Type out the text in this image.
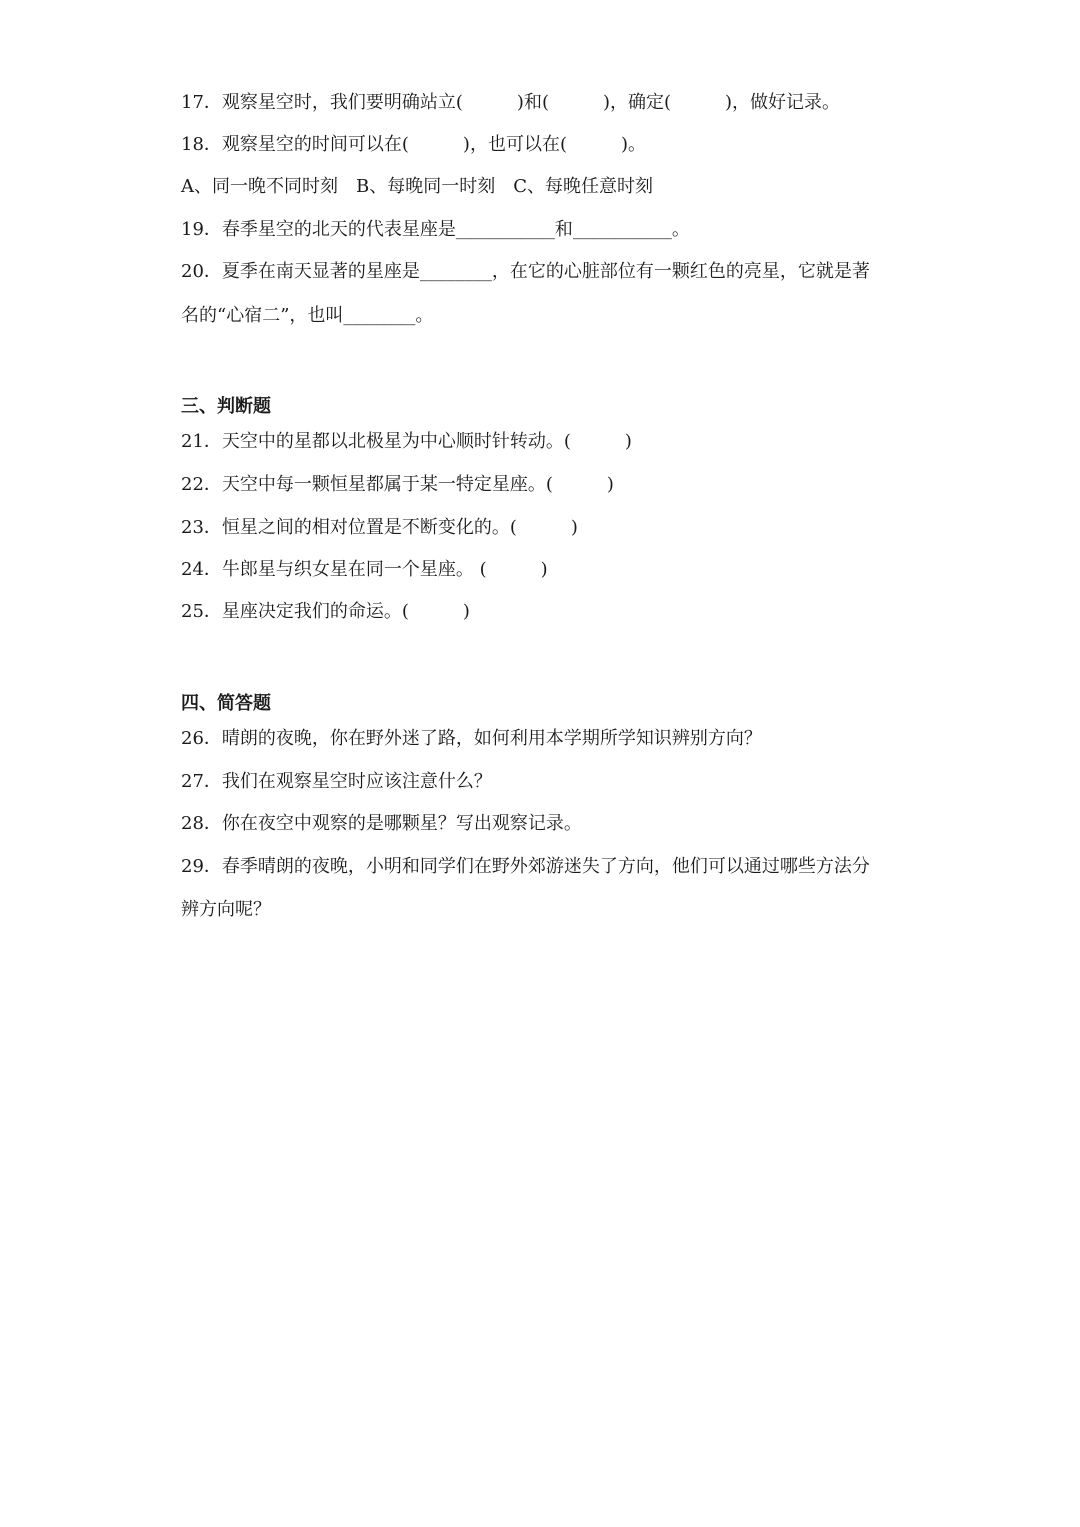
17．观察星空时，我们要明确站立(　　　)和(　　　)，确定(　　　)，做好记录。
18．观察星空的时间可以在(　　　)，也可以在(　　　)。
A、同一晚不同时刻　B、每晚同一时刻　C、每晚任意时刻
19．春季星空的北天的代表星座是___________和___________。
20．夏季在南天显著的星座是________，在它的心脏部位有一颗红色的亮星，它就是著
名的“心宿二”，也叫________。
三、判断题
21．天空中的星都以北极星为中心顺时针转动。(　　　)
22．天空中每一颗恒星都属于某一特定星座。(　　　)
23．恒星之间的相对位置是不断变化的。(　　　)
24．牛郎星与织女星在同一个星座。 (　　　)
25．星座决定我们的命运。(　　　)
四、简答题
26．晴朗的夜晚，你在野外迷了路，如何利用本学期所学知识辨别方向？
27．我们在观察星空时应该注意什么？
28．你在夜空中观察的是哪颗星？写出观察记录。
29．春季晴朗的夜晚，小明和同学们在野外郊游迷失了方向，他们可以通过哪些方法分
辨方向呢？
